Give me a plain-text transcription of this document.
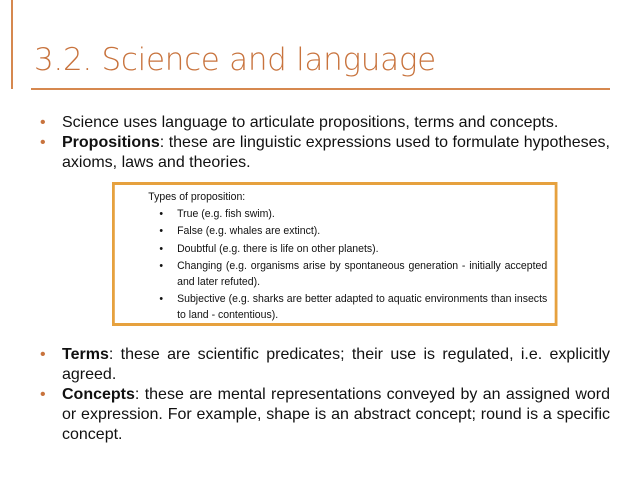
3.2. Science and language
• Science uses language to articulate propositions, terms and concepts.
• Propositions: these are linguistic expressions used to formulate hypotheses, axioms, laws and theories.
Types of proposition:
• True (e.g. fish swim).
• False (e.g. whales are extinct).
• Doubtful (e.g. there is life on other planets).
• Changing (e.g. organisms arise by spontaneous generation - initially accepted and later refuted).
• Subjective (e.g. sharks are better adapted to aquatic environments than insects to land - contentious).
• Terms: these are scientific predicates; their use is regulated, i.e. explicitly agreed.
• Concepts: these are mental representations conveyed by an assigned word or expression. For example, shape is an abstract concept; round is a specific concept.
